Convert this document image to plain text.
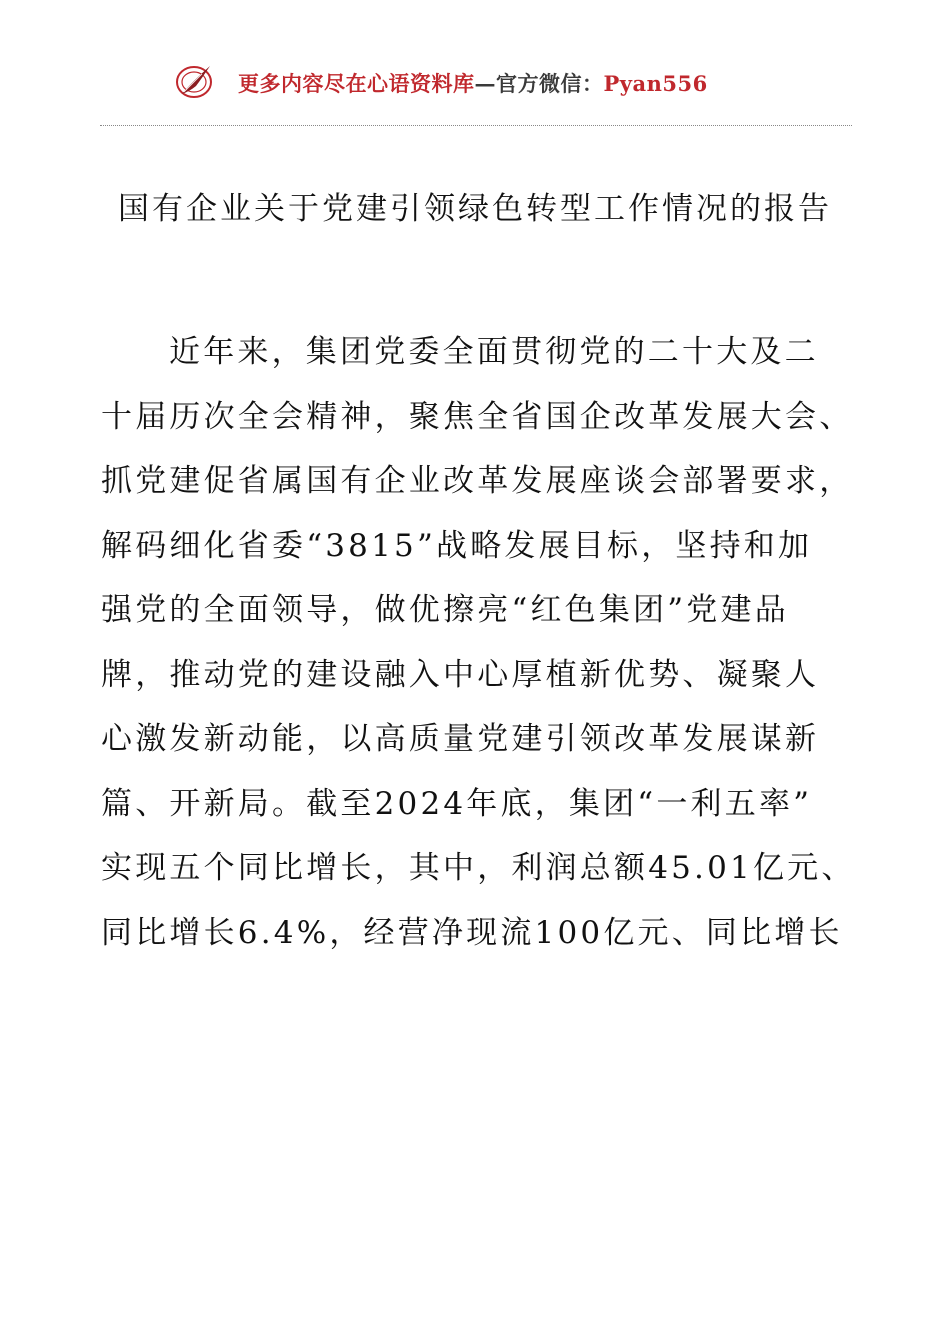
更多内容尽在心语资料库—官方微信：Pyan556
国有企业关于党建引领绿色转型工作情况的报告
近年来，集团党委全面贯彻党的二十大及二
十届历次全会精神，聚焦全省国企改革发展大会、
抓党建促省属国有企业改革发展座谈会部署要求，
解码细化省委“3815”战略发展目标，坚持和加
强党的全面领导，做优擦亮“红色集团”党建品
牌，推动党的建设融入中心厚植新优势、凝聚人
心激发新动能，以高质量党建引领改革发展谋新
篇、开新局。截至2024年底，集团“一利五率”
实现五个同比增长，其中，利润总额45.01亿元、
同比增长6.4%，经营净现流100亿元、同比增长
